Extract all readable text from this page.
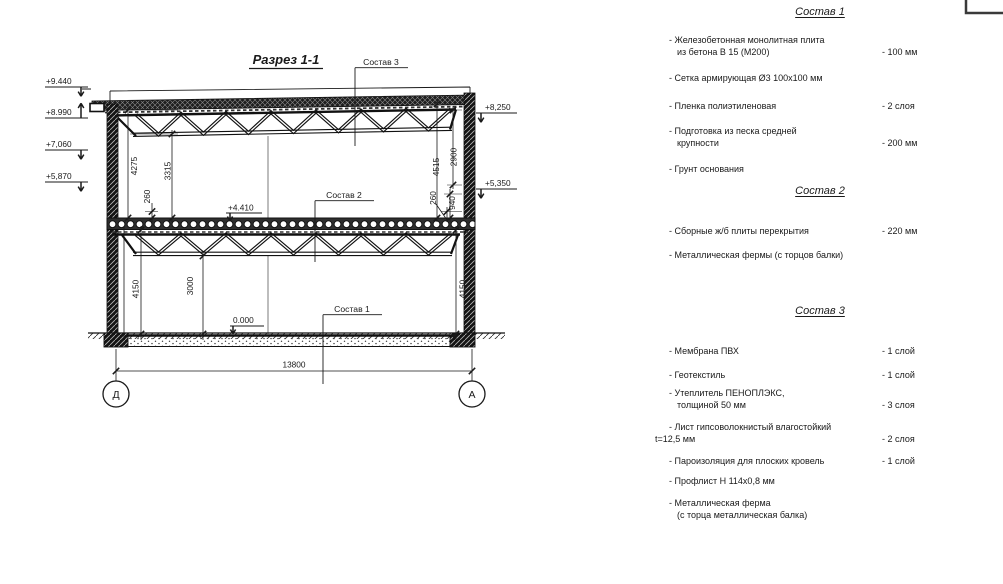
Разрез 1-1
4275	3315
260
4150	3000
4515
2900
260 940
4150
13800
+9.440
+8.990
+7,060
+5,870
+8,250
+5,350
+4.410
0.000
Состав 3
Состав 2
Состав 1
Д	А
Состав 1
- Железобетонная монолитная плита
из бетона В 15 (М200)	- 100 мм
- Сетка армирующая Ø3 100х100 мм
- Пленка полиэтиленовая	- 2 слоя
- Подготовка из песка средней
крупности	- 200 мм
- Грунт основания
Состав 2
- Сборные ж/б плиты перекрытия	- 220 мм
- Металлическая фермы (с торцов балки)
Состав 3
- Мембрана ПВХ	- 1 слой
- Геотекстиль	- 1 слой
- Утеплитель ПЕНОПЛЭКС,
толщиной 50 мм	- 3 слоя
- Лист гипсоволокнистый влагостойкий
t=12,5 мм	- 2 слоя
- Пароизоляция для плоских кровель	- 1 слой
- Профлист Н 114х0,8 мм
- Металлическая ферма
(с торца металлическая балка)
